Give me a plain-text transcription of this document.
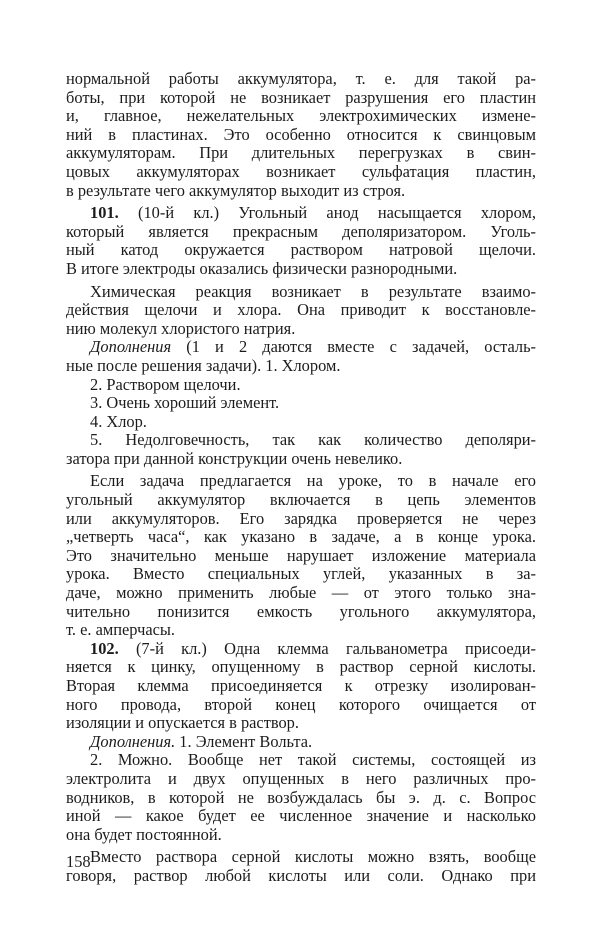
нормальной работы аккумулятора, т. е. для такой ра-
боты, при которой не возникает разрушения его пластин
и, главное, нежелательных электрохимических измене-
ний в пластинах. Это особенно относится к свинцовым
аккумуляторам. При длительных перегрузках в свин-
цовых аккумуляторах возникает сульфатация пластин,
в результате чего аккумулятор выходит из строя.

101. (10-й кл.) Угольный анод насыщается хлором,
который является прекрасным деполяризатором. Уголь-
ный катод окружается раствором натровой щелочи.
В итоге электроды оказались физически разнородными.

Химическая реакция возникает в результате взаимо-
действия щелочи и хлора. Она приводит к восстановле-
нию молекул хлористого натрия.

Дополнения (1 и 2 даются вместе с задачей, осталь-
ные после решения задачи). 1. Хлором.

2. Раствором щелочи.

3. Очень хороший элемент.

4. Хлор.

5. Недолговечность, так как количество деполяри-
затора при данной конструкции очень невелико.

Если задача предлагается на уроке, то в начале его
угольный аккумулятор включается в цепь элементов
или аккумуляторов. Его зарядка проверяется не через
„четверть часа“, как указано в задаче, а в конце урока.
Это значительно меньше нарушает изложение материала
урока. Вместо специальных углей, указанных в за-
даче, можно применить любые — от этого только зна-
чительно понизится емкость угольного аккумулятора,
т. е. амперчасы.

102. (7-й кл.) Одна клемма гальванометра присоеди-
няется к цинку, опущенному в раствор серной кислоты.
Вторая клемма присоединяется к отрезку изолирован-
ного провода, второй конец которого очищается от
изоляции и опускается в раствор.

Дополнения. 1. Элемент Вольта.

2. Можно. Вообще нет такой системы, состоящей из
электролита и двух опущенных в него различных про-
водников, в которой не возбуждалась бы э. д. с. Вопрос
иной — какое будет ее численное значение и насколько
она будет постоянной.

Вместо раствора серной кислоты можно взять, вообще
говоря, раствор любой кислоты или соли. Однако при

158
